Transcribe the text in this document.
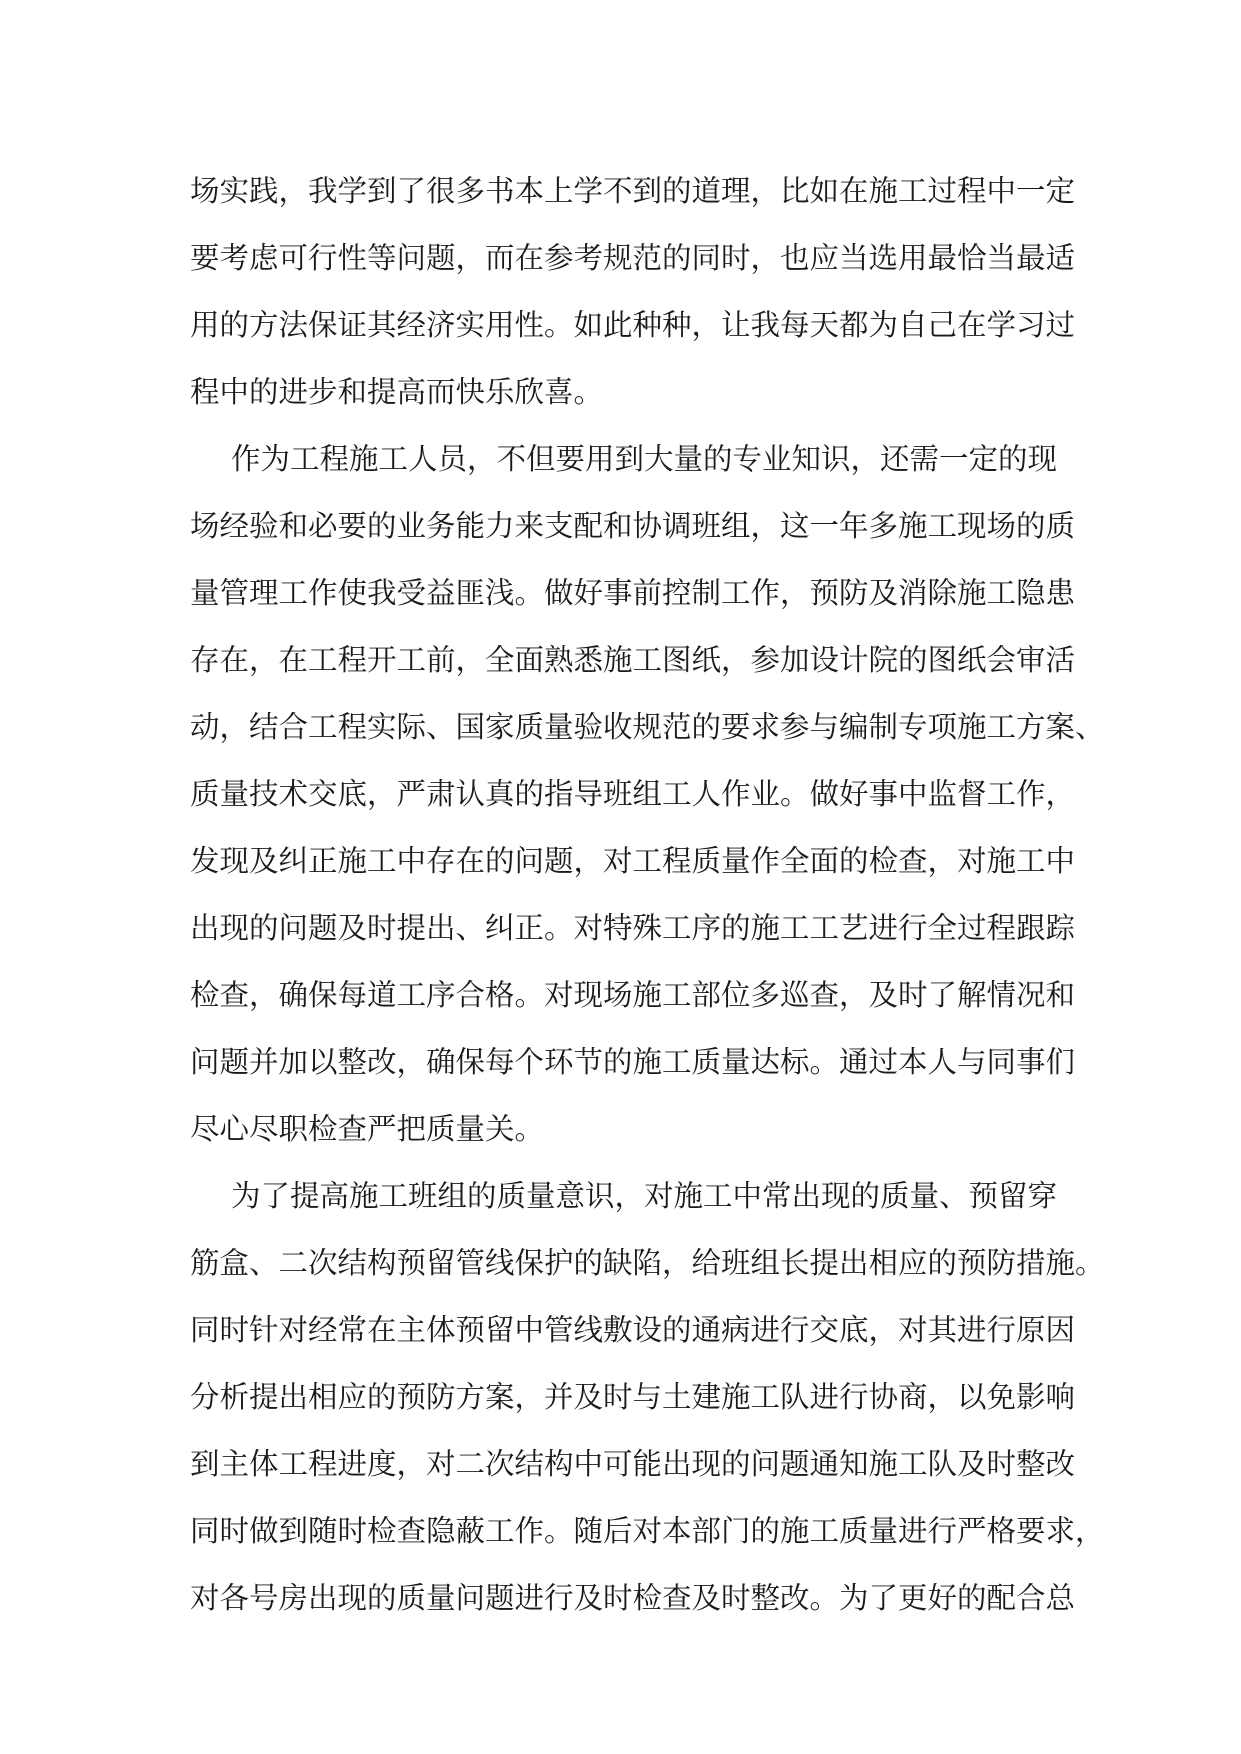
场实践，我学到了很多书本上学不到的道理，比如在施工过程中一定
要考虑可行性等问题，而在参考规范的同时，也应当选用最恰当最适
用的方法保证其经济实用性。如此种种，让我每天都为自己在学习过
程中的进步和提高而快乐欣喜。
作为工程施工人员，不但要用到大量的专业知识，还需一定的现
场经验和必要的业务能力来支配和协调班组，这一年多施工现场的质
量管理工作使我受益匪浅。做好事前控制工作，预防及消除施工隐患
存在，在工程开工前，全面熟悉施工图纸，参加设计院的图纸会审活
动，结合工程实际、国家质量验收规范的要求参与编制专项施工方案、
质量技术交底，严肃认真的指导班组工人作业。做好事中监督工作，
发现及纠正施工中存在的问题，对工程质量作全面的检查，对施工中
出现的问题及时提出、纠正。对特殊工序的施工工艺进行全过程跟踪
检查，确保每道工序合格。对现场施工部位多巡查，及时了解情况和
问题并加以整改，确保每个环节的施工质量达标。通过本人与同事们
尽心尽职检查严把质量关。
为了提高施工班组的质量意识，对施工中常出现的质量、预留穿
筋盒、二次结构预留管线保护的缺陷，给班组长提出相应的预防措施。
同时针对经常在主体预留中管线敷设的通病进行交底，对其进行原因
分析提出相应的预防方案，并及时与土建施工队进行协商，以免影响
到主体工程进度，对二次结构中可能出现的问题通知施工队及时整改
同时做到随时检查隐蔽工作。随后对本部门的施工质量进行严格要求，
对各号房出现的质量问题进行及时检查及时整改。为了更好的配合总
